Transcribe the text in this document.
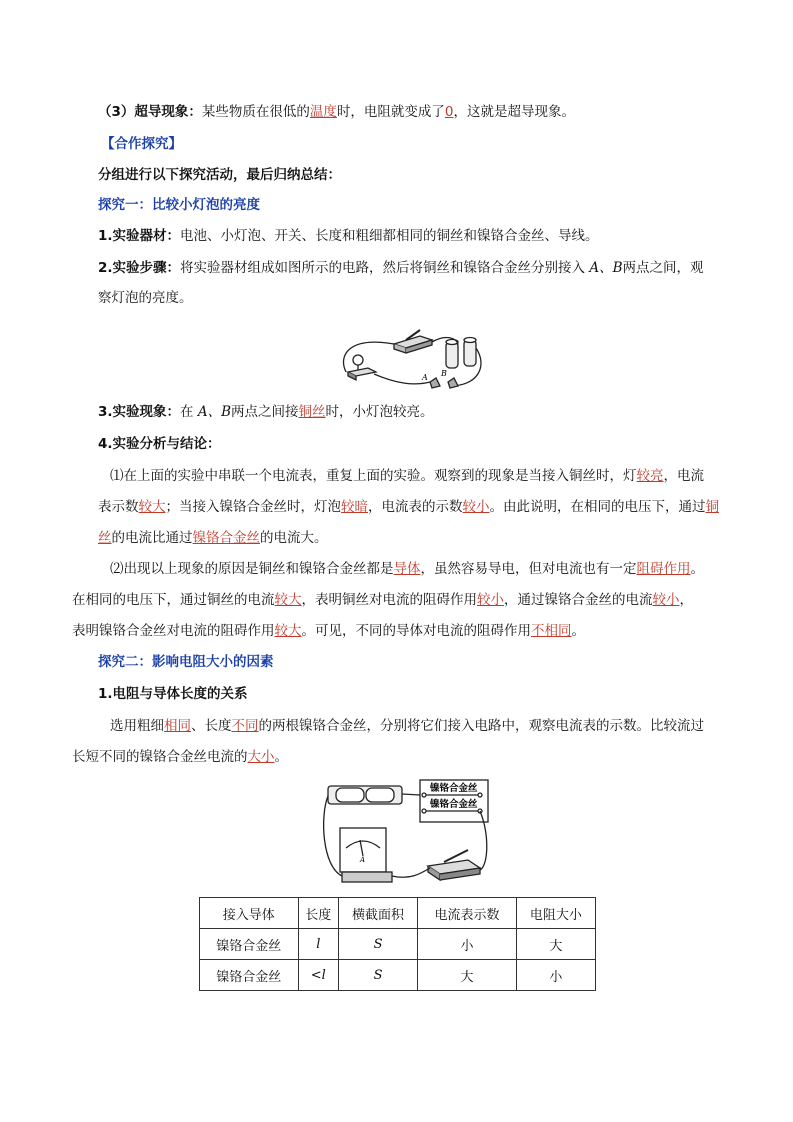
（3）超导现象：某些物质在很低的温度时，电阻就变成了0，这就是超导现象。
【合作探究】
分组进行以下探究活动，最后归纳总结：
探究一：比较小灯泡的亮度
1.实验器材：电池、小灯泡、开关、长度和粗细都相同的铜丝和镍铬合金丝、导线。
2.实验步骤：将实验器材组成如图所示的电路，然后将铜丝和镍铬合金丝分别接入 A、B两点之间，观
察灯泡的亮度。
A B
3.实验现象：在 A、B两点之间接铜丝时，小灯泡较亮。
4.实验分析与结论：
⑴在上面的实验中串联一个电流表，重复上面的实验。观察到的现象是当接入铜丝时，灯较亮，电流
表示数较大；当接入镍铬合金丝时，灯泡较暗，电流表的示数较小。由此说明，在相同的电压下，通过铜
丝的电流比通过镍铬合金丝的电流大。
⑵出现以上现象的原因是铜丝和镍铬合金丝都是导体，虽然容易导电，但对电流也有一定阻碍作用。
在相同的电压下，通过铜丝的电流较大，表明铜丝对电流的阻碍作用较小，通过镍铬合金丝的电流较小，
表明镍铬合金丝对电流的阻碍作用较大。可见，不同的导体对电流的阻碍作用不相同。
探究二：影响电阻大小的因素
1.电阻与导体长度的关系
选用粗细相同、长度不同的两根镍铬合金丝，分别将它们接入电路中，观察电流表的示数。比较流过
长短不同的镍铬合金丝电流的大小。
镍铬合金丝
镍铬合金丝
A
接入导体	长度	横截面积	电流表示数	电阻大小
镍铬合金丝	l	S	小	大
镍铬合金丝	<l	S	大	小
